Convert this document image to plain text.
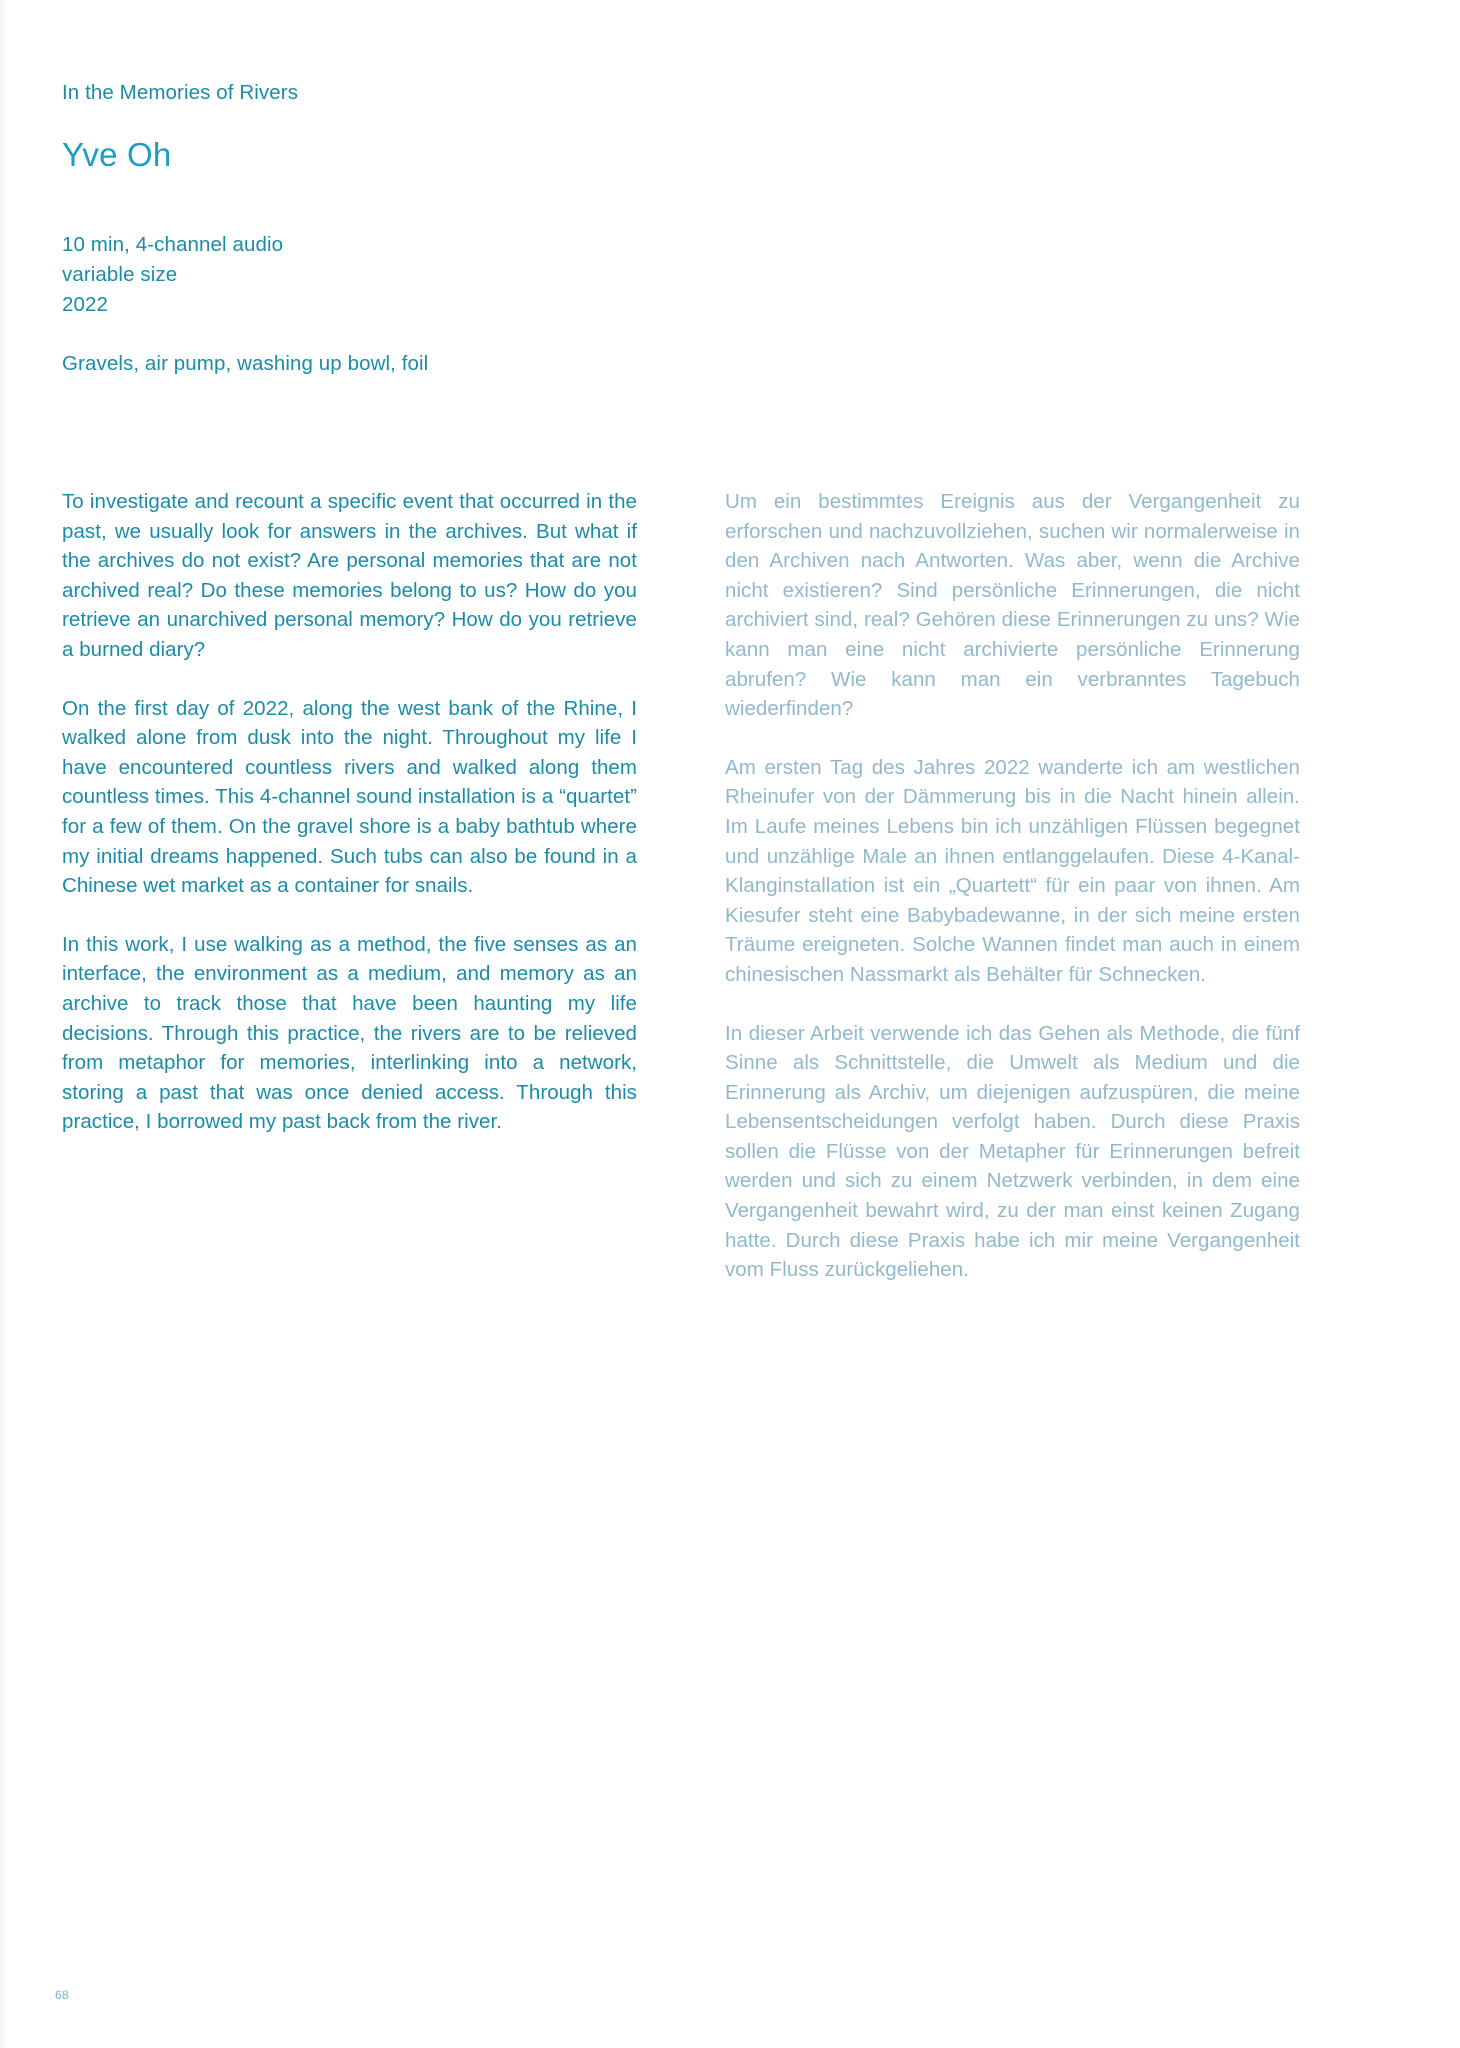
In the Memories of Rivers
Yve Oh
10 min, 4-channel audio
variable size
2022
Gravels, air pump, washing up bowl, foil

To investigate and recount a specific event that occurred in the past, we usually look for answers in the archives. But what if the archives do not exist? Are personal memories that are not archived real? Do these memories belong to us? How do you retrieve an unarchived personal memory? How do you retrieve a burned diary?

On the first day of 2022, along the west bank of the Rhine, I walked alone from dusk into the night. Throughout my life I have encountered countless rivers and walked along them countless times. This 4-channel sound installation is a “quartet” for a few of them. On the gravel shore is a baby bathtub where my initial dreams happened. Such tubs can also be found in a Chinese wet market as a container for snails.

In this work, I use walking as a method, the five senses as an interface, the environment as a medium, and memory as an archive to track those that have been haunting my life decisions. Through this practice, the rivers are to be relieved from metaphor for memories, interlinking into a network, storing a past that was once denied access. Through this practice, I borrowed my past back from the river.

Um ein bestimmtes Ereignis aus der Vergangenheit zu erforschen und nachzuvollziehen, suchen wir normalerweise in den Archiven nach Antworten. Was aber, wenn die Archive nicht existieren? Sind persönliche Erinnerungen, die nicht archiviert sind, real? Gehören diese Erinnerungen zu uns? Wie kann man eine nicht archivierte persönliche Erinnerung abrufen? Wie kann man ein verbranntes Tagebuch wiederfinden?

Am ersten Tag des Jahres 2022 wanderte ich am westlichen Rheinufer von der Dämmerung bis in die Nacht hinein allein. Im Laufe meines Lebens bin ich unzähligen Flüssen begegnet und unzählige Male an ihnen entlanggelaufen. Diese 4-Kanal-Klanginstallation ist ein „Quartett“ für ein paar von ihnen. Am Kiesufer steht eine Babybadewanne, in der sich meine ersten Träume ereigneten. Solche Wannen findet man auch in einem chinesischen Nassmarkt als Behälter für Schnecken.

In dieser Arbeit verwende ich das Gehen als Methode, die fünf Sinne als Schnittstelle, die Umwelt als Medium und die Erinnerung als Archiv, um diejenigen aufzuspüren, die meine Lebensentscheidungen verfolgt haben. Durch diese Praxis sollen die Flüsse von der Metapher für Erinnerungen befreit werden und sich zu einem Netzwerk verbinden, in dem eine Vergangenheit bewahrt wird, zu der man einst keinen Zugang hatte. Durch diese Praxis habe ich mir meine Vergangenheit vom Fluss zurückgeliehen.

68
